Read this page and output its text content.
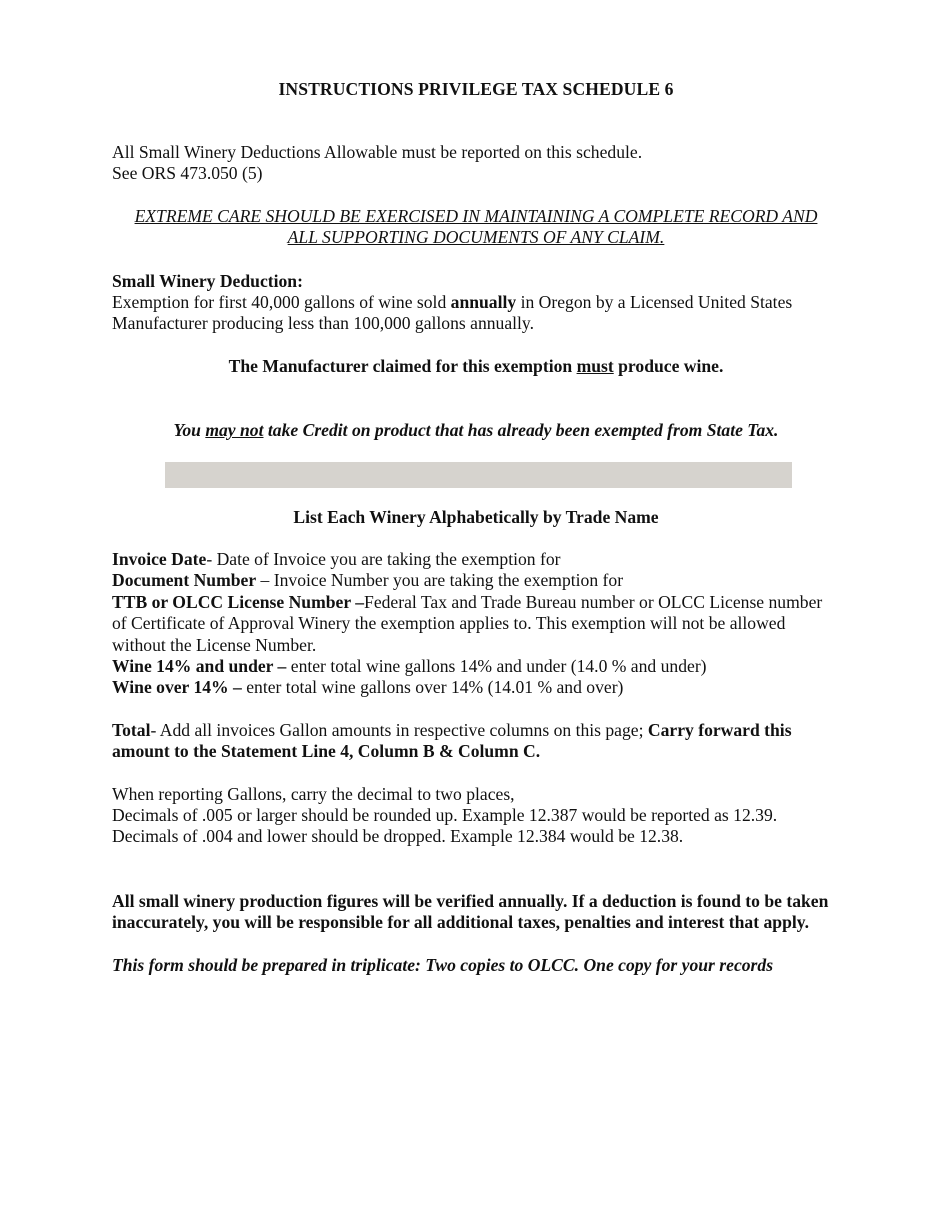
INSTRUCTIONS PRIVILEGE TAX SCHEDULE 6

All Small Winery Deductions Allowable must be reported on this schedule.
See ORS 473.050 (5)

EXTREME CARE SHOULD BE EXERCISED IN MAINTAINING A COMPLETE RECORD AND
ALL SUPPORTING DOCUMENTS OF ANY CLAIM.

Small Winery Deduction:
Exemption for first 40,000 gallons of wine sold annually in Oregon by a Licensed United States Manufacturer producing less than 100,000 gallons annually.

The Manufacturer claimed for this exemption must produce wine.

You may not take Credit on product that has already been exempted from State Tax.

List Each Winery Alphabetically by Trade Name

Invoice Date- Date of Invoice you are taking the exemption for
Document Number – Invoice Number you are taking the exemption for
TTB or OLCC License Number –Federal Tax and Trade Bureau number or OLCC License number of Certificate of Approval Winery the exemption applies to. This exemption will not be allowed without the License Number.
Wine 14% and under – enter total wine gallons 14% and under (14.0 % and under)
Wine over 14% – enter total wine gallons over 14% (14.01 % and over)

Total- Add all invoices Gallon amounts in respective columns on this page; Carry forward this amount to the Statement Line 4, Column B & Column C.

When reporting Gallons, carry the decimal to two places,
Decimals of .005 or larger should be rounded up. Example 12.387 would be reported as 12.39.
Decimals of .004 and lower should be dropped. Example 12.384 would be 12.38.

All small winery production figures will be verified annually. If a deduction is found to be taken inaccurately, you will be responsible for all additional taxes, penalties and interest that apply.

This form should be prepared in triplicate: Two copies to OLCC. One copy for your records
